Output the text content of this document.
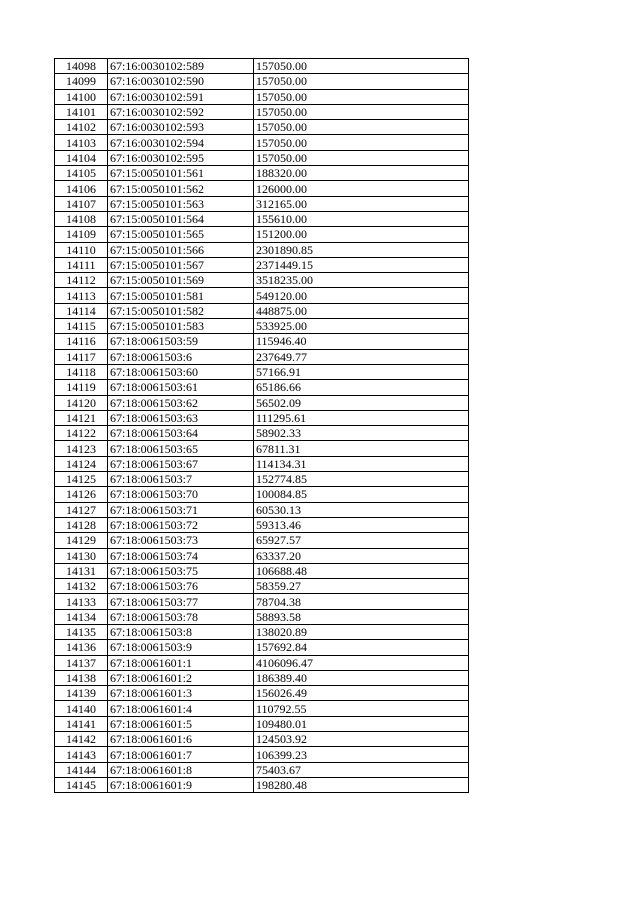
14098	67:16:0030102:589	157050.00
14099	67:16:0030102:590	157050.00
14100	67:16:0030102:591	157050.00
14101	67:16:0030102:592	157050.00
14102	67:16:0030102:593	157050.00
14103	67:16:0030102:594	157050.00
14104	67:16:0030102:595	157050.00
14105	67:15:0050101:561	188320.00
14106	67:15:0050101:562	126000.00
14107	67:15:0050101:563	312165.00
14108	67:15:0050101:564	155610.00
14109	67:15:0050101:565	151200.00
14110	67:15:0050101:566	2301890.85
14111	67:15:0050101:567	2371449.15
14112	67:15:0050101:569	3518235.00
14113	67:15:0050101:581	549120.00
14114	67:15:0050101:582	448875.00
14115	67:15:0050101:583	533925.00
14116	67:18:0061503:59	115946.40
14117	67:18:0061503:6	237649.77
14118	67:18:0061503:60	57166.91
14119	67:18:0061503:61	65186.66
14120	67:18:0061503:62	56502.09
14121	67:18:0061503:63	111295.61
14122	67:18:0061503:64	58902.33
14123	67:18:0061503:65	67811.31
14124	67:18:0061503:67	114134.31
14125	67:18:0061503:7	152774.85
14126	67:18:0061503:70	100084.85
14127	67:18:0061503:71	60530.13
14128	67:18:0061503:72	59313.46
14129	67:18:0061503:73	65927.57
14130	67:18:0061503:74	63337.20
14131	67:18:0061503:75	106688.48
14132	67:18:0061503:76	58359.27
14133	67:18:0061503:77	78704.38
14134	67:18:0061503:78	58893.58
14135	67:18:0061503:8	138020.89
14136	67:18:0061503:9	157692.84
14137	67:18:0061601:1	4106096.47
14138	67:18:0061601:2	186389.40
14139	67:18:0061601:3	156026.49
14140	67:18:0061601:4	110792.55
14141	67:18:0061601:5	109480.01
14142	67:18:0061601:6	124503.92
14143	67:18:0061601:7	106399.23
14144	67:18:0061601:8	75403.67
14145	67:18:0061601:9	198280.48
